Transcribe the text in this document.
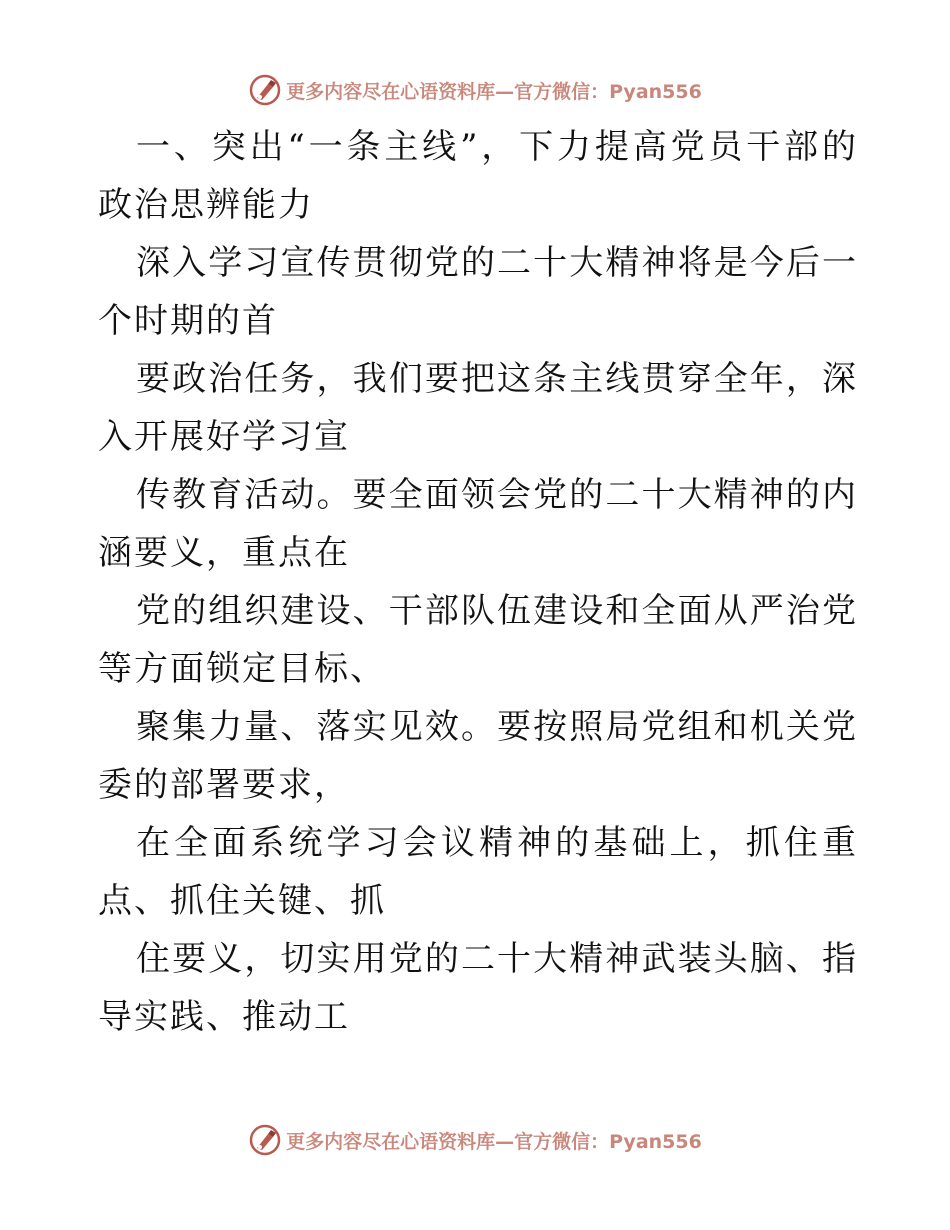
更多内容尽在心语资料库—官方微信：Pyan556

一、突出“一条主线”，下力提高党员干部的政治思辨能力

深入学习宣传贯彻党的二十大精神将是今后一个时期的首

要政治任务，我们要把这条主线贯穿全年，深入开展好学习宣

传教育活动。要全面领会党的二十大精神的内涵要义，重点在

党的组织建设、干部队伍建设和全面从严治党等方面锁定目标、

聚集力量、落实见效。要按照局党组和机关党委的部署要求，

在全面系统学习会议精神的基础上，抓住重点、抓住关键、抓

住要义，切实用党的二十大精神武装头脑、指导实践、推动工

更多内容尽在心语资料库—官方微信：Pyan556
